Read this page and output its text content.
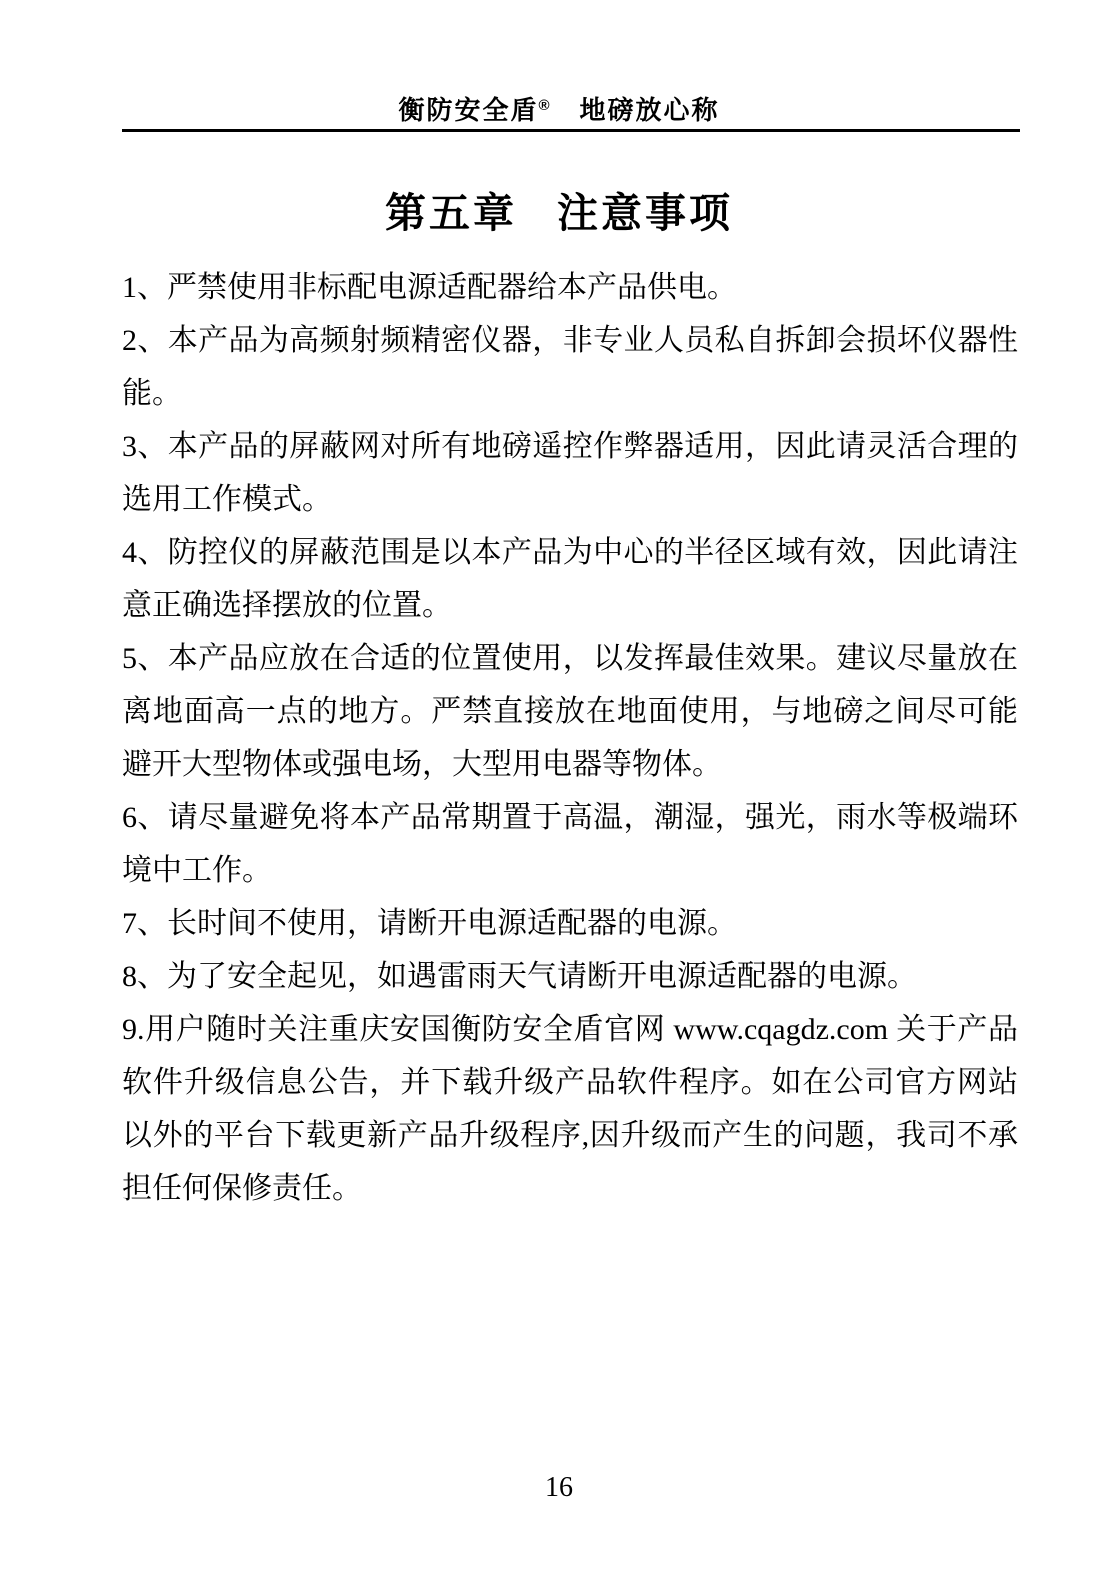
衡防安全盾® 地磅放心称
第五章 注意事项

1、严禁使用非标配电源适配器给本产品供电。

2、本产品为高频射频精密仪器，非专业人员私自拆卸会损坏仪器性能。

3、本产品的屏蔽网对所有地磅遥控作弊器适用，因此请灵活合理的选用工作模式。

4、防控仪的屏蔽范围是以本产品为中心的半径区域有效，因此请注意正确选择摆放的位置。

5、本产品应放在合适的位置使用，以发挥最佳效果。建议尽量放在离地面高一点的地方。严禁直接放在地面使用，与地磅之间尽可能避开大型物体或强电场，大型用电器等物体。

6、请尽量避免将本产品常期置于高温，潮湿，强光，雨水等极端环境中工作。

7、长时间不使用，请断开电源适配器的电源。

8、为了安全起见，如遇雷雨天气请断开电源适配器的电源。

9.用户随时关注重庆安国衡防安全盾官网 www.cqagdz.com 关于产品软件升级信息公告，并下载升级产品软件程序。如在公司官方网站以外的平台下载更新产品升级程序,因升级而产生的问题，我司不承担任何保修责任。

16
